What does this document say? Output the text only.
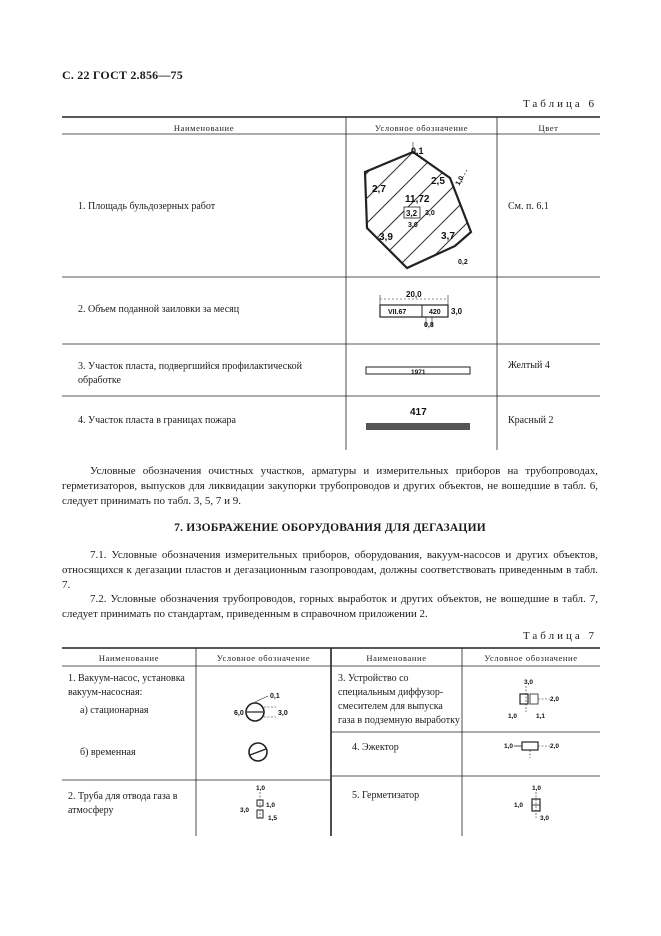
С. 22 ГОСТ 2.856—75
Таблица 6
Наименование	Условное обозначение	Цвет
1. Площадь бульдозерных работ	См. п. 6.1
0,1
2,7
11,72
2,5 1,0
3,2 3,0
3,0
3,9	3,7
0,2
2. Объем поданной заиловки за месяц
20,0
VII.67	420 3,0
0,8
3. Участок пласта, подвергшийся профилактической обработке
Желтый 4
1971
4. Участок пласта в границах пожара	Красный 2
417
Условные обозначения очистных участков, арматуры и измерительных приборов на трубопроводах, герметизаторов, выпусков для ликвидации закупорки трубопроводов и других объектов, не вошедшие в табл. 6, следует принимать по табл. 3, 5, 7 и 9.
7. ИЗОБРАЖЕНИЕ ОБОРУДОВАНИЯ ДЛЯ ДЕГАЗАЦИИ
7.1. Условные обозначения измерительных приборов, оборудования, вакуум-насосов и других объектов, относящихся к дегазации пластов и дегазационным газопроводам, должны соответствовать приведенным в табл. 7.
7.2. Условные обозначения трубопроводов, горных выработок и других объектов, не вошедшие в табл. 7, следует принимать по стандартам, приведенным в справочном приложении 2.
Таблица 7
Наименование	Условное обозначение	Наименование	Условное обозначение
1. Вакуум-насос, установка вакуум-насосная:
а) стационарная
0,1
6,0	3,0
б) временная
2. Труба для отвода газа в атмосферу
1,0
3,0
1,0
1,5
3. Устройство со специальным диффузор-смесителем для выпуска газа в подземную выработку
3,0
2,0
1,0	1,1
4. Эжектор	1,0	2,0
5. Герметизатор
1,0
1,0
3,0
